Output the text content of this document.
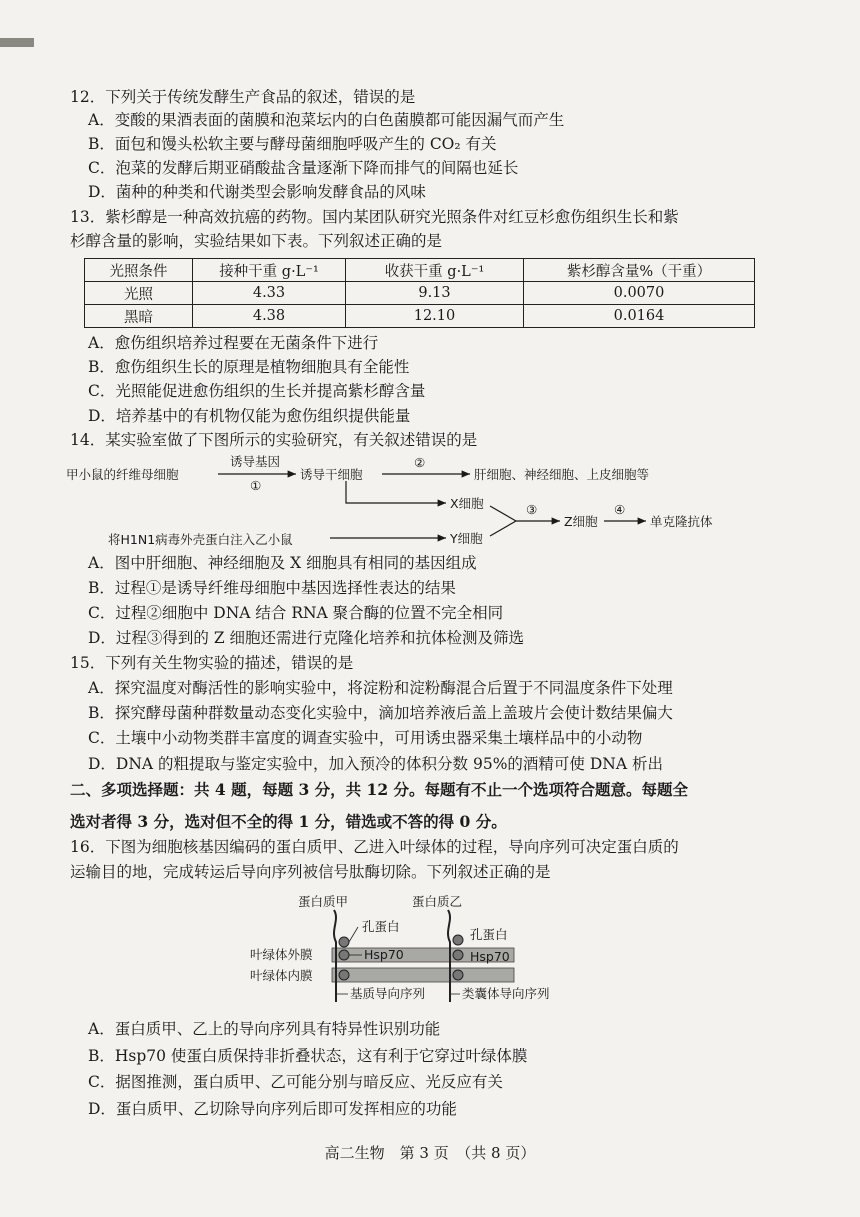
12．下列关于传统发酵生产食品的叙述，错误的是
A．变酸的果酒表面的菌膜和泡菜坛内的白色菌膜都可能因漏气而产生
B．面包和馒头松软主要与酵母菌细胞呼吸产生的 CO₂ 有关
C．泡菜的发酵后期亚硝酸盐含量逐渐下降而排气的间隔也延长
D．菌种的种类和代谢类型会影响发酵食品的风味
13．紫杉醇是一种高效抗癌的药物。国内某团队研究光照条件对红豆杉愈伤组织生长和紫
杉醇含量的影响，实验结果如下表。下列叙述正确的是
光照条件	接种干重 g·L⁻¹	收获干重 g·L⁻¹	紫杉醇含量%（干重）
光照	4.33	9.13	0.0070
黑暗	4.38	12.10	0.0164
A．愈伤组织培养过程要在无菌条件下进行
B．愈伤组织生长的原理是植物细胞具有全能性
C．光照能促进愈伤组织的生长并提高紫杉醇含量
D．培养基中的有机物仅能为愈伤组织提供能量
14．某实验室做了下图所示的实验研究，有关叙述错误的是
甲小鼠的纤维母细胞
诱导基因
①
诱导干细胞
②
肝细胞、神经细胞、上皮细胞等
X细胞
将H1N1病毒外壳蛋白注入乙小鼠	Y细胞
③
Z细胞
④
单克隆抗体
A．图中肝细胞、神经细胞及 X 细胞具有相同的基因组成
B．过程①是诱导纤维母细胞中基因选择性表达的结果
C．过程②细胞中 DNA 结合 RNA 聚合酶的位置不完全相同
D．过程③得到的 Z 细胞还需进行克隆化培养和抗体检测及筛选
15．下列有关生物实验的描述，错误的是
A．探究温度对酶活性的影响实验中，将淀粉和淀粉酶混合后置于不同温度条件下处理
B．探究酵母菌种群数量动态变化实验中，滴加培养液后盖上盖玻片会使计数结果偏大
C．土壤中小动物类群丰富度的调查实验中，可用诱虫器采集土壤样品中的小动物
D．DNA 的粗提取与鉴定实验中，加入预冷的体积分数 95%的酒精可使 DNA 析出
二、多项选择题：共 4 题，每题 3 分，共 12 分。每题有不止一个选项符合题意。每题全
选对者得 3 分，选对但不全的得 1 分，错选或不答的得 0 分。
16．下图为细胞核基因编码的蛋白质甲、乙进入叶绿体的过程，导向序列可决定蛋白质的
运输目的地，完成转运后导向序列被信号肽酶切除。下列叙述正确的是
蛋白质甲	蛋白质乙
孔蛋白
孔蛋白
叶绿体外膜
叶绿体内膜
Hsp70	Hsp70
基质导向序列	类囊体导向序列
A．蛋白质甲、乙上的导向序列具有特异性识别功能
B．Hsp70 使蛋白质保持非折叠状态，这有利于它穿过叶绿体膜
C．据图推测，蛋白质甲、乙可能分别与暗反应、光反应有关
D．蛋白质甲、乙切除导向序列后即可发挥相应的功能
高二生物　第 3 页　（共 8 页）
